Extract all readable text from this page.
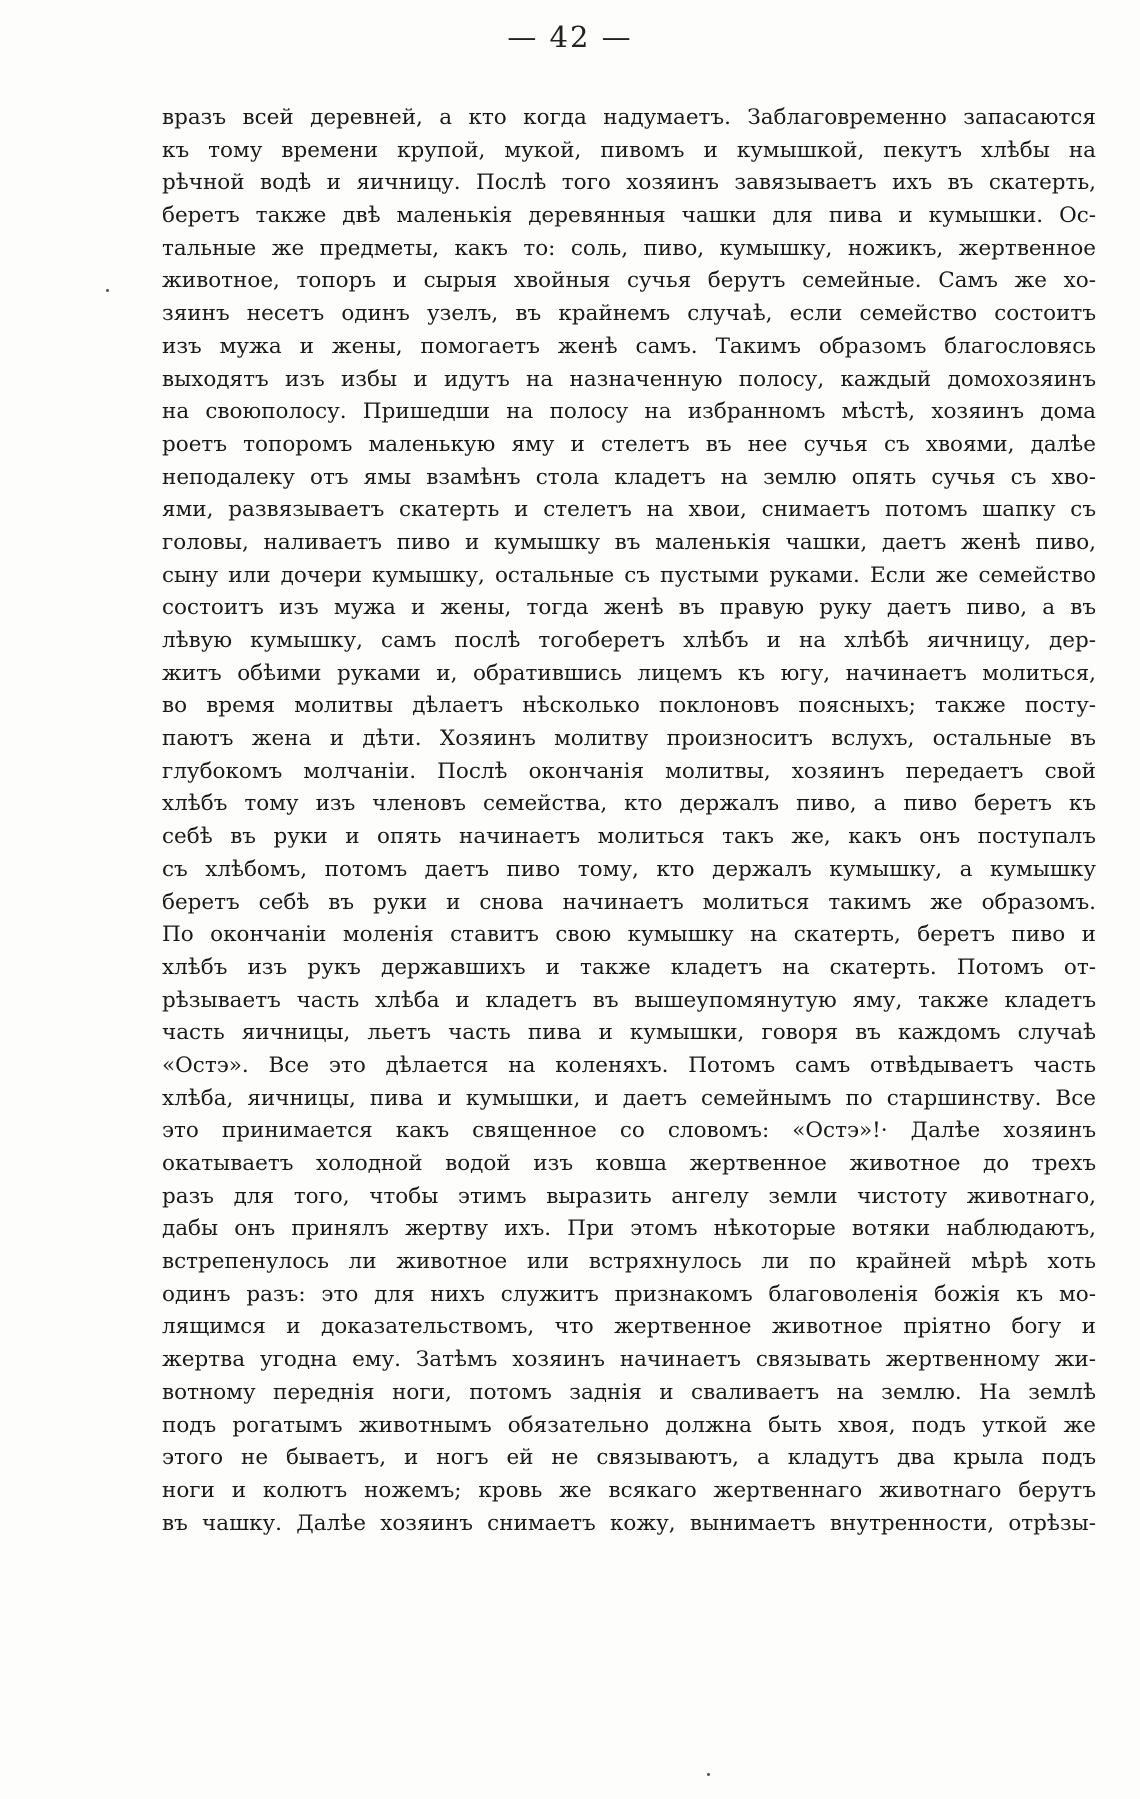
— 42 —
вразъ всей деревней, а кто когда надумаетъ. Заблаговременно запасаются
къ тому времени крупой, мукой, пивомъ и кумышкой, пекутъ хлѣбы на
рѣчной водѣ и яичницу. Послѣ того хозяинъ завязываетъ ихъ въ скатерть,
беретъ также двѣ маленькія деревянныя чашки для пива и кумышки. Ос-
тальные же предметы, какъ то: соль, пиво, кумышку, ножикъ, жертвенное
животное, топоръ и сырыя хвойныя сучья берутъ семейные. Самъ же хо-
зяинъ несетъ одинъ узелъ, въ крайнемъ случаѣ, если семейство состоитъ
изъ мужа и жены, помогаетъ женѣ самъ. Такимъ образомъ благословясь
выходятъ изъ избы и идутъ на назначенную полосу, каждый домохозяинъ
на своюполосу. Пришедши на полосу на избранномъ мѣстѣ, хозяинъ дома
роетъ топоромъ маленькую яму и стелетъ въ нее сучья съ хвоями, далѣе
неподалеку отъ ямы взамѣнъ стола кладетъ на землю опять сучья съ хво-
ями, развязываетъ скатерть и стелетъ на хвои, снимаетъ потомъ шапку съ
головы, наливаетъ пиво и кумышку въ маленькія чашки, даетъ женѣ пиво,
сыну или дочери кумышку, остальные съ пустыми руками. Если же семейство
состоитъ изъ мужа и жены, тогда женѣ въ правую руку даетъ пиво, а въ
лѣвую кумышку, самъ послѣ тогоберетъ хлѣбъ и на хлѣбѣ яичницу, дер-
житъ обѣими руками и, обратившись лицемъ къ югу, начинаетъ молиться,
во время молитвы дѣлаетъ нѣсколько поклоновъ поясныхъ; также посту-
паютъ жена и дѣти. Хозяинъ молитву произноситъ вслухъ, остальные въ
глубокомъ молчаніи. Послѣ окончанія молитвы, хозяинъ передаетъ свой
хлѣбъ тому изъ членовъ семейства, кто держалъ пиво, а пиво беретъ къ
себѣ въ руки и опять начинаетъ молиться такъ же, какъ онъ поступалъ
съ хлѣбомъ, потомъ даетъ пиво тому, кто держалъ кумышку, а кумышку
беретъ себѣ въ руки и снова начинаетъ молиться такимъ же образомъ.
По окончаніи моленія ставитъ свою кумышку на скатерть, беретъ пиво и
хлѣбъ изъ рукъ державшихъ и также кладетъ на скатерть. Потомъ от-
рѣзываетъ часть хлѣба и кладетъ въ вышеупомянутую яму, также кладетъ
часть яичницы, льетъ часть пива и кумышки, говоря въ каждомъ случаѣ
«Остэ». Все это дѣлается на коленяхъ. Потомъ самъ отвѣдываетъ часть
хлѣба, яичницы, пива и кумышки, и даетъ семейнымъ по старшинству. Все
это принимается какъ священное со словомъ: «Остэ»!· Далѣе хозяинъ
окатываетъ холодной водой изъ ковша жертвенное животное до трехъ
разъ для того, чтобы этимъ выразить ангелу земли чистоту животнаго,
дабы онъ принялъ жертву ихъ. При этомъ нѣкоторые вотяки наблюдаютъ,
встрепенулось ли животное или встряхнулось ли по крайней мѣрѣ хоть
одинъ разъ: это для нихъ служитъ признакомъ благоволенія божія къ мо-
лящимся и доказательствомъ, что жертвенное животное пріятно богу и
жертва угодна ему. Затѣмъ хозяинъ начинаетъ связывать жертвенному жи-
вотному переднія ноги, потомъ заднія и сваливаетъ на землю. На землѣ
подъ рогатымъ животнымъ обязательно должна быть хвоя, подъ уткой же
этого не бываетъ, и ногъ ей не связываютъ, а кладутъ два крыла подъ
ноги и колютъ ножемъ; кровь же всякаго жертвеннаго животнаго берутъ
въ чашку. Далѣе хозяинъ снимаетъ кожу, вынимаетъ внутренности, отрѣзы-
